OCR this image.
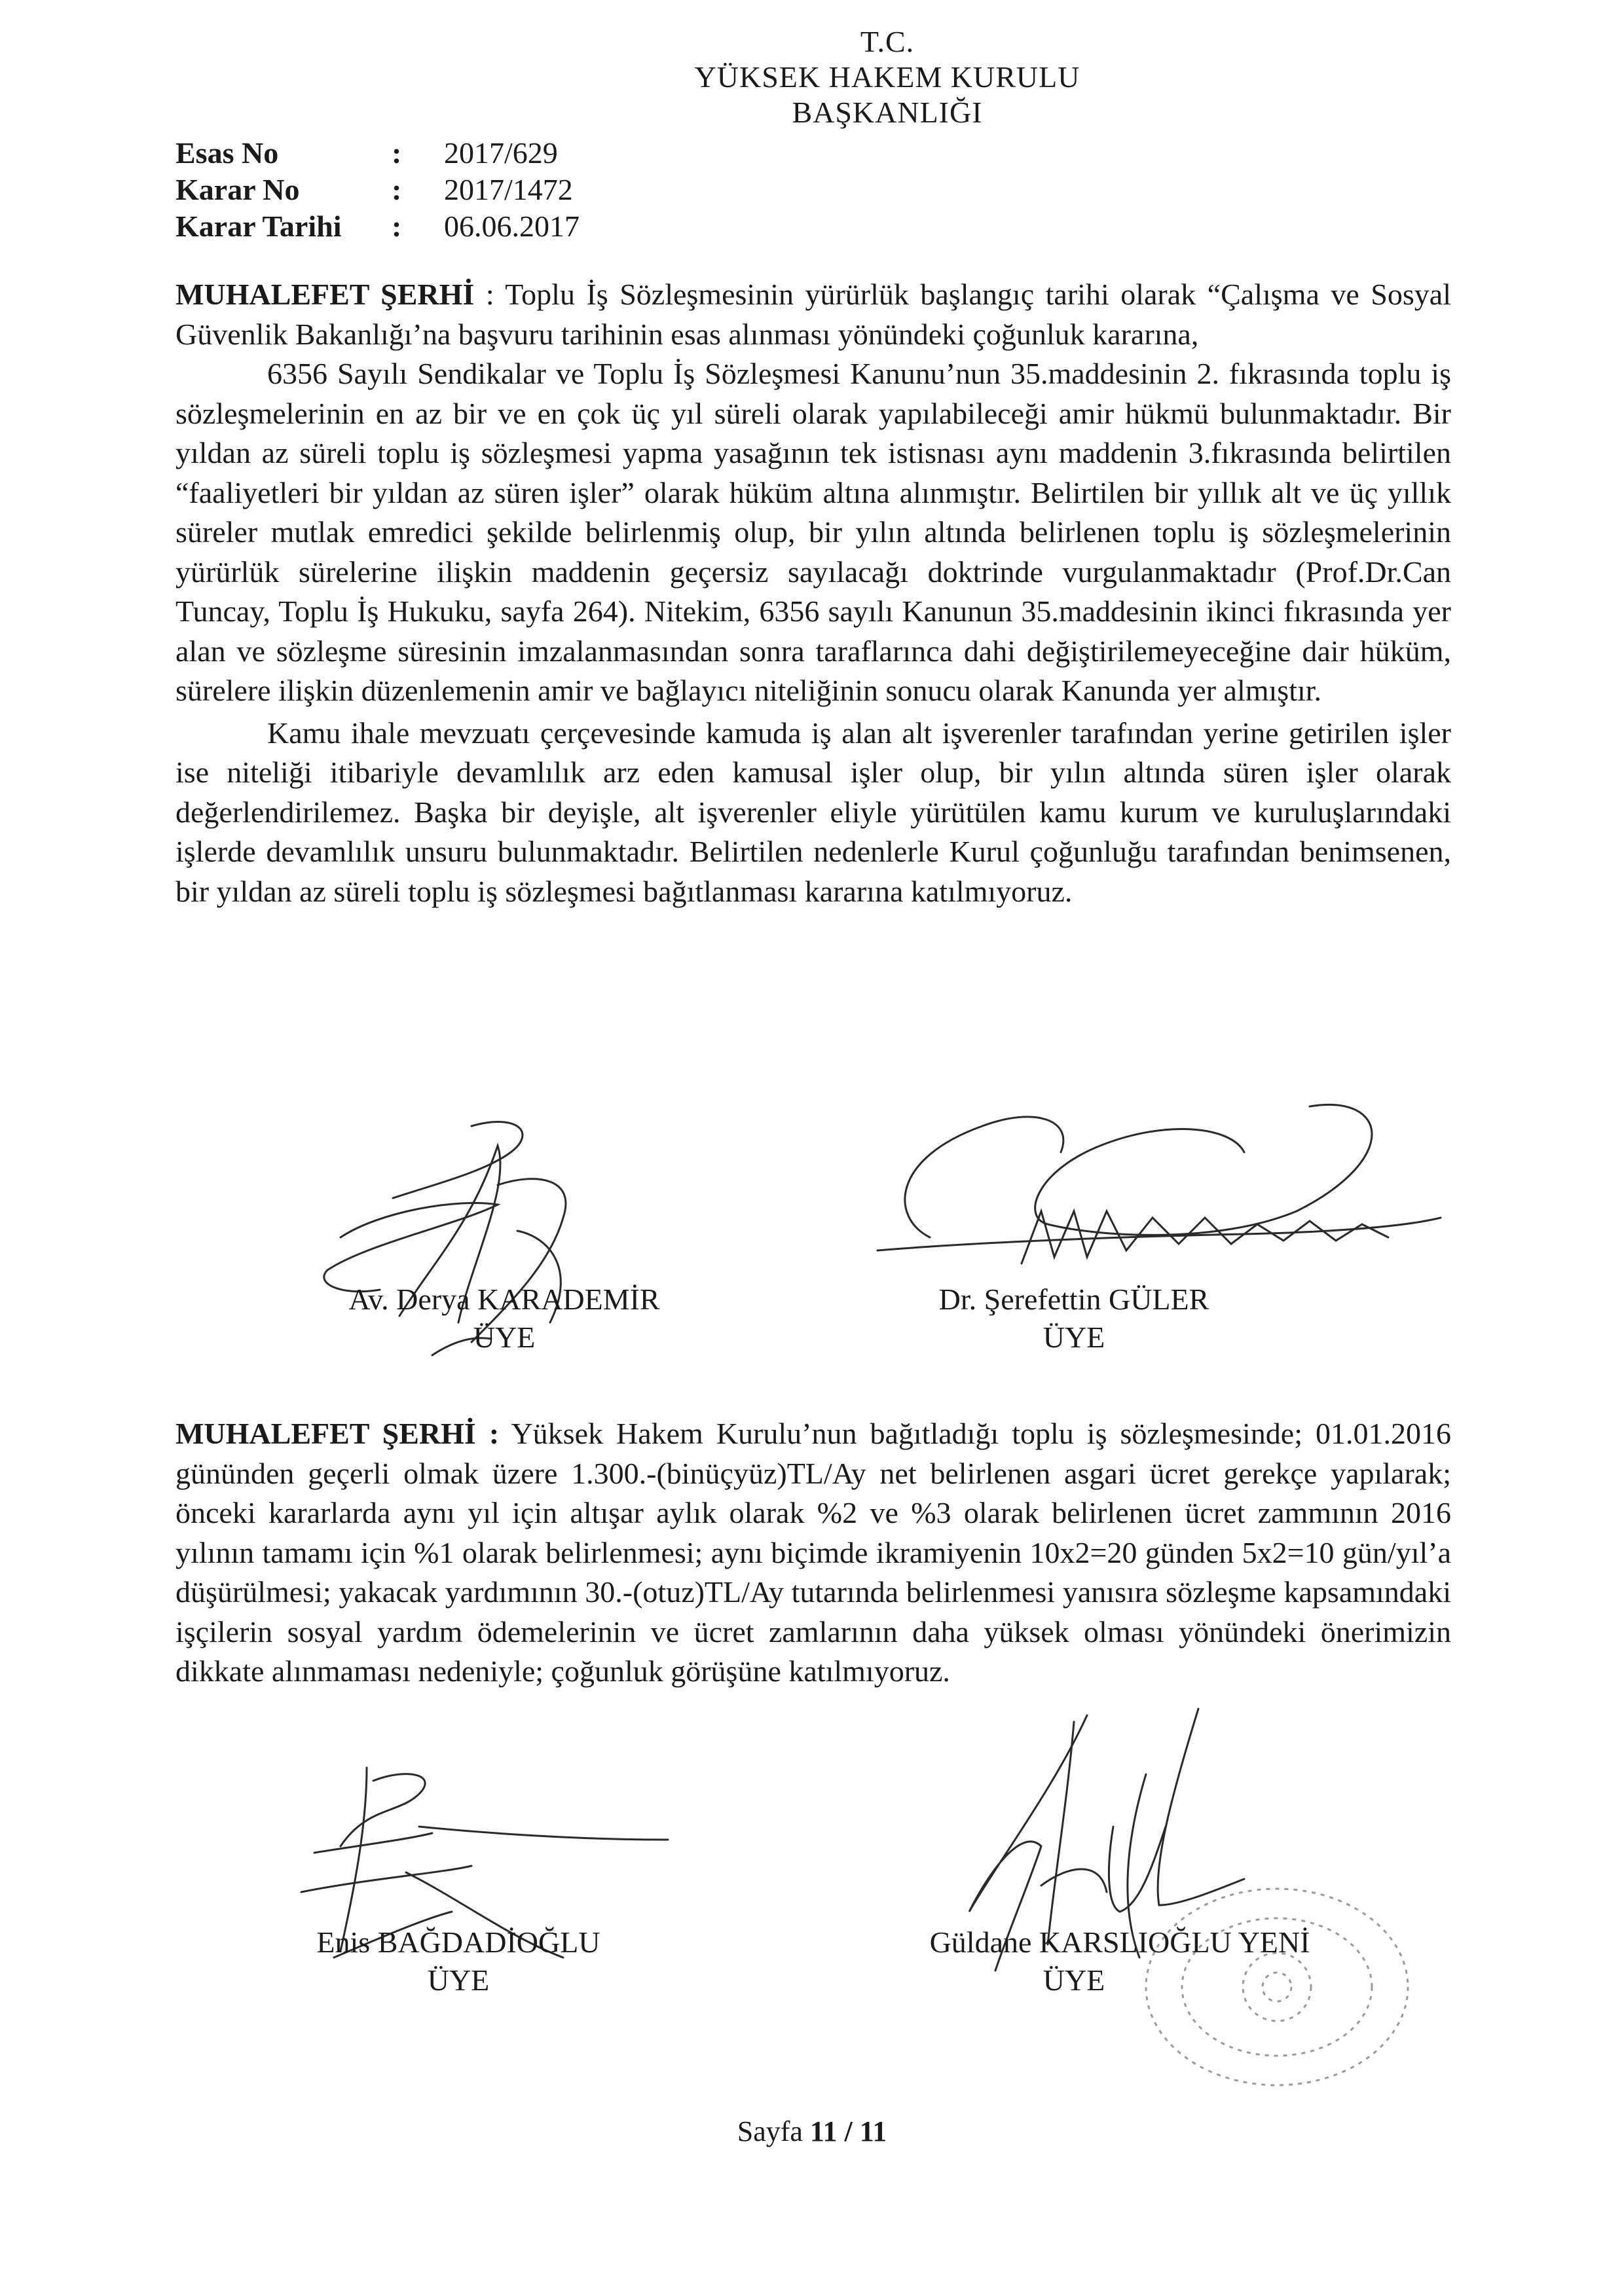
T.C.
YÜKSEK HAKEM KURULU
BAŞKANLIĞI
Esas No	: 2017/629
Karar No	: 2017/1472
Karar Tarihi : 06.06.2017

MUHALEFET ŞERHİ : Toplu İş Sözleşmesinin yürürlük başlangıç tarihi olarak “Çalışma ve Sosyal Güvenlik Bakanlığı’na başvuru tarihinin esas alınması yönündeki çoğunluk kararına,

6356 Sayılı Sendikalar ve Toplu İş Sözleşmesi Kanunu’nun 35.maddesinin 2. fıkrasında toplu iş sözleşmelerinin en az bir ve en çok üç yıl süreli olarak yapılabileceği amir hükmü bulunmaktadır. Bir yıldan az süreli toplu iş sözleşmesi yapma yasağının tek istisnası aynı maddenin 3.fıkrasında belirtilen “faaliyetleri bir yıldan az süren işler” olarak hüküm altına alınmıştır. Belirtilen bir yıllık alt ve üç yıllık süreler mutlak emredici şekilde belirlenmiş olup, bir yılın altında belirlenen toplu iş sözleşmelerinin yürürlük sürelerine ilişkin maddenin geçersiz sayılacağı doktrinde vurgulanmaktadır (Prof.Dr.Can Tuncay, Toplu İş Hukuku, sayfa 264). Nitekim, 6356 sayılı Kanunun 35.maddesinin ikinci fıkrasında yer alan ve sözleşme süresinin imzalanmasından sonra taraflarınca dahi değiştirilemeyeceğine dair hüküm, sürelere ilişkin düzenlemenin amir ve bağlayıcı niteliğinin sonucu olarak Kanunda yer almıştır.

Kamu ihale mevzuatı çerçevesinde kamuda iş alan alt işverenler tarafından yerine getirilen işler ise niteliği itibariyle devamlılık arz eden kamusal işler olup, bir yılın altında süren işler olarak değerlendirilemez. Başka bir deyişle, alt işverenler eliyle yürütülen kamu kurum ve kuruluşlarındaki işlerde devamlılık unsuru bulunmaktadır. Belirtilen nedenlerle Kurul çoğunluğu tarafından benimsenen, bir yıldan az süreli toplu iş sözleşmesi bağıtlanması kararına katılmıyoruz.

Av. Derya KARADEMİR
ÜYE
Dr. Şerefettin GÜLER
ÜYE

MUHALEFET ŞERHİ : Yüksek Hakem Kurulu’nun bağıtladığı toplu iş sözleşmesinde; 01.01.2016 gününden geçerli olmak üzere 1.300.-(binüçyüz)TL/Ay net belirlenen asgari ücret gerekçe yapılarak; önceki kararlarda aynı yıl için altışar aylık olarak %2 ve %3 olarak belirlenen ücret zammının 2016 yılının tamamı için %1 olarak belirlenmesi; aynı biçimde ikramiyenin 10x2=20 günden 5x2=10 gün/yıl’a düşürülmesi; yakacak yardımının 30.-(otuz)TL/Ay tutarında belirlenmesi yanısıra sözleşme kapsamındaki işçilerin sosyal yardım ödemelerinin ve ücret zamlarının daha yüksek olması yönündeki önerimizin dikkate alınmaması nedeniyle; çoğunluk görüşüne katılmıyoruz.

Enis BAĞDADİOĞLU
ÜYE
Güldane KARSLIOĞLU YENİ
ÜYE
Sayfa 11 / 11
